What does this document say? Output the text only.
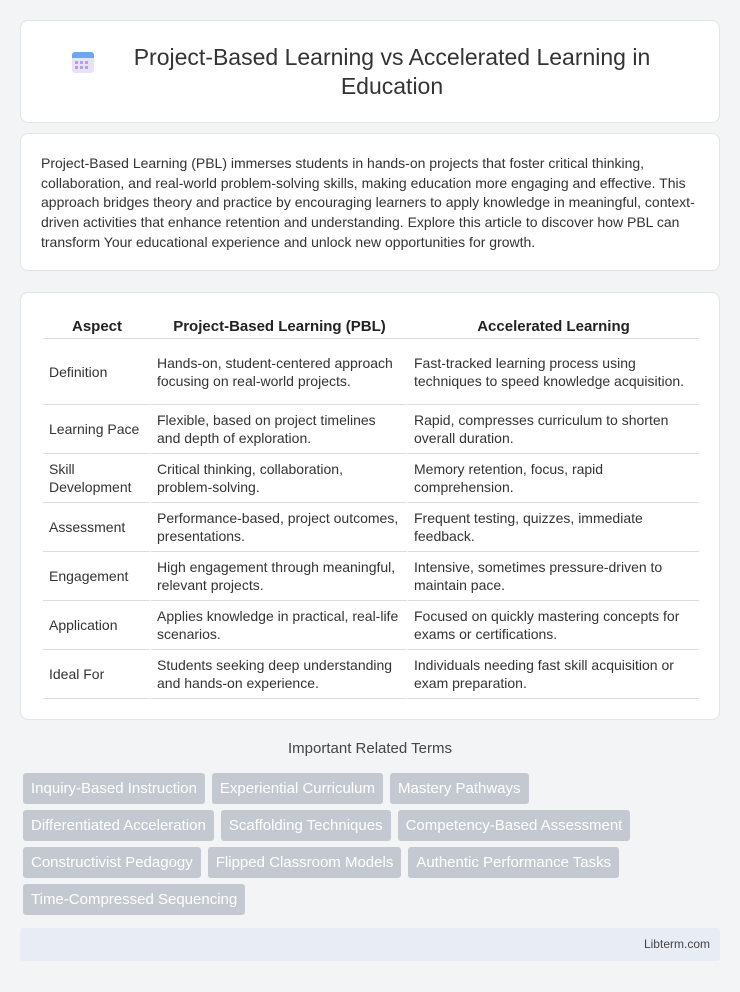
Project-Based Learning vs Accelerated Learning in Education
Project-Based Learning (PBL) immerses students in hands-on projects that foster critical thinking, collaboration, and real-world problem-solving skills, making education more engaging and effective. This approach bridges theory and practice by encouraging learners to apply knowledge in meaningful, context-driven activities that enhance retention and understanding. Explore this article to discover how PBL can transform Your educational experience and unlock new opportunities for growth.
Aspect	Project-Based Learning (PBL)	Accelerated Learning
Definition	Hands-on, student-centered approach focusing on real-world projects.	Fast-tracked learning process using techniques to speed knowledge acquisition.
Learning Pace	Flexible, based on project timelines and depth of exploration.	Rapid, compresses curriculum to shorten overall duration.
Skill Development	Critical thinking, collaboration, problem-solving.	Memory retention, focus, rapid comprehension.
Assessment	Performance-based, project outcomes, presentations.	Frequent testing, quizzes, immediate feedback.
Engagement	High engagement through meaningful, relevant projects.	Intensive, sometimes pressure-driven to maintain pace.
Application	Applies knowledge in practical, real-life scenarios.	Focused on quickly mastering concepts for exams or certifications.
Ideal For	Students seeking deep understanding and hands-on experience.	Individuals needing fast skill acquisition or exam preparation.
Important Related Terms
Inquiry-Based Instruction	Experiential Curriculum	Mastery Pathways
Differentiated Acceleration	Scaffolding Techniques	Competency-Based Assessment
Constructivist Pedagogy	Flipped Classroom Models	Authentic Performance Tasks
Time-Compressed Sequencing
Libterm.com
